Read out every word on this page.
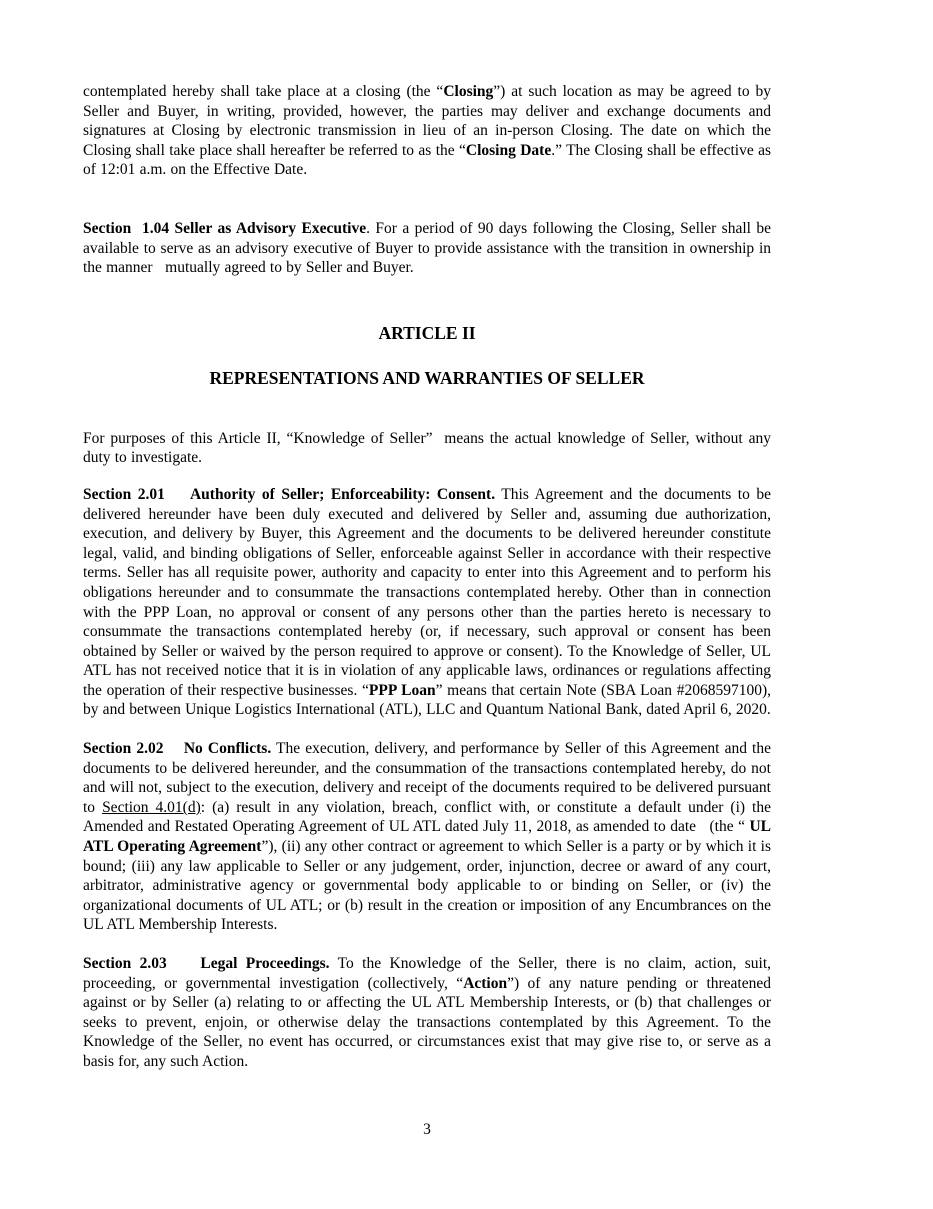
contemplated hereby shall take place at a closing (the “Closing”) at such location as may be agreed to by Seller and Buyer, in writing, provided, however, the parties may deliver and exchange documents and signatures at Closing by electronic transmission in lieu of an in-person Closing. The date on which the Closing shall take place shall hereafter be referred to as the “Closing Date.” The Closing shall be effective as of 12:01 a.m. on the Effective Date.

Section  1.04 Seller as Advisory Executive. For a period of 90 days following the Closing, Seller shall be available to serve as an advisory executive of Buyer to provide assistance with the transition in ownership in the manner   mutually agreed to by Seller and Buyer.

ARTICLE II

REPRESENTATIONS AND WARRANTIES OF SELLER

For purposes of this Article II, “Knowledge of Seller”  means the actual knowledge of Seller, without any duty to investigate.

Section 2.01    Authority of Seller; Enforceability: Consent. This Agreement and the documents to be delivered hereunder have been duly executed and delivered by Seller and, assuming due authorization, execution, and delivery by Buyer, this Agreement and the documents to be delivered hereunder constitute legal, valid, and binding obligations of Seller, enforceable against Seller in accordance with their respective terms. Seller has all requisite power, authority and capacity to enter into this Agreement and to perform his obligations hereunder and to consummate the transactions contemplated hereby. Other than in connection with the PPP Loan, no approval or consent of any persons other than the parties hereto is necessary to consummate the transactions contemplated hereby (or, if necessary, such approval or consent has been obtained by Seller or waived by the person required to approve or consent). To the Knowledge of Seller, UL ATL has not received notice that it is in violation of any applicable laws, ordinances or regulations affecting the operation of their respective businesses. “PPP Loan” means that certain Note (SBA Loan #2068597100), by and between Unique Logistics International (ATL), LLC and Quantum National Bank, dated April 6, 2020.

Section 2.02    No Conflicts. The execution, delivery, and performance by Seller of this Agreement and the documents to be delivered hereunder, and the consummation of the transactions contemplated hereby, do not and will not, subject to the execution, delivery and receipt of the documents required to be delivered pursuant to Section 4.01(d): (a) result in any violation, breach, conflict with, or constitute a default under (i) the Amended and Restated Operating Agreement of UL ATL dated July 11, 2018, as amended to date   (the “ UL ATL Operating Agreement”), (ii) any other contract or agreement to which Seller is a party or by which it is bound; (iii) any law applicable to Seller or any judgement, order, injunction, decree or award of any court, arbitrator, administrative agency or governmental body applicable to or binding on Seller, or (iv) the organizational documents of UL ATL; or (b) result in the creation or imposition of any Encumbrances on the UL ATL Membership Interests.

Section 2.03    Legal Proceedings. To the Knowledge of the Seller, there is no claim, action, suit, proceeding, or governmental investigation (collectively, “Action”) of any nature pending or threatened against or by Seller (a) relating to or affecting the UL ATL Membership Interests, or (b) that challenges or seeks to prevent, enjoin, or otherwise delay the transactions contemplated by this Agreement. To the Knowledge of the Seller, no event has occurred, or circumstances exist that may give rise to, or serve as a basis for, any such Action.

3
